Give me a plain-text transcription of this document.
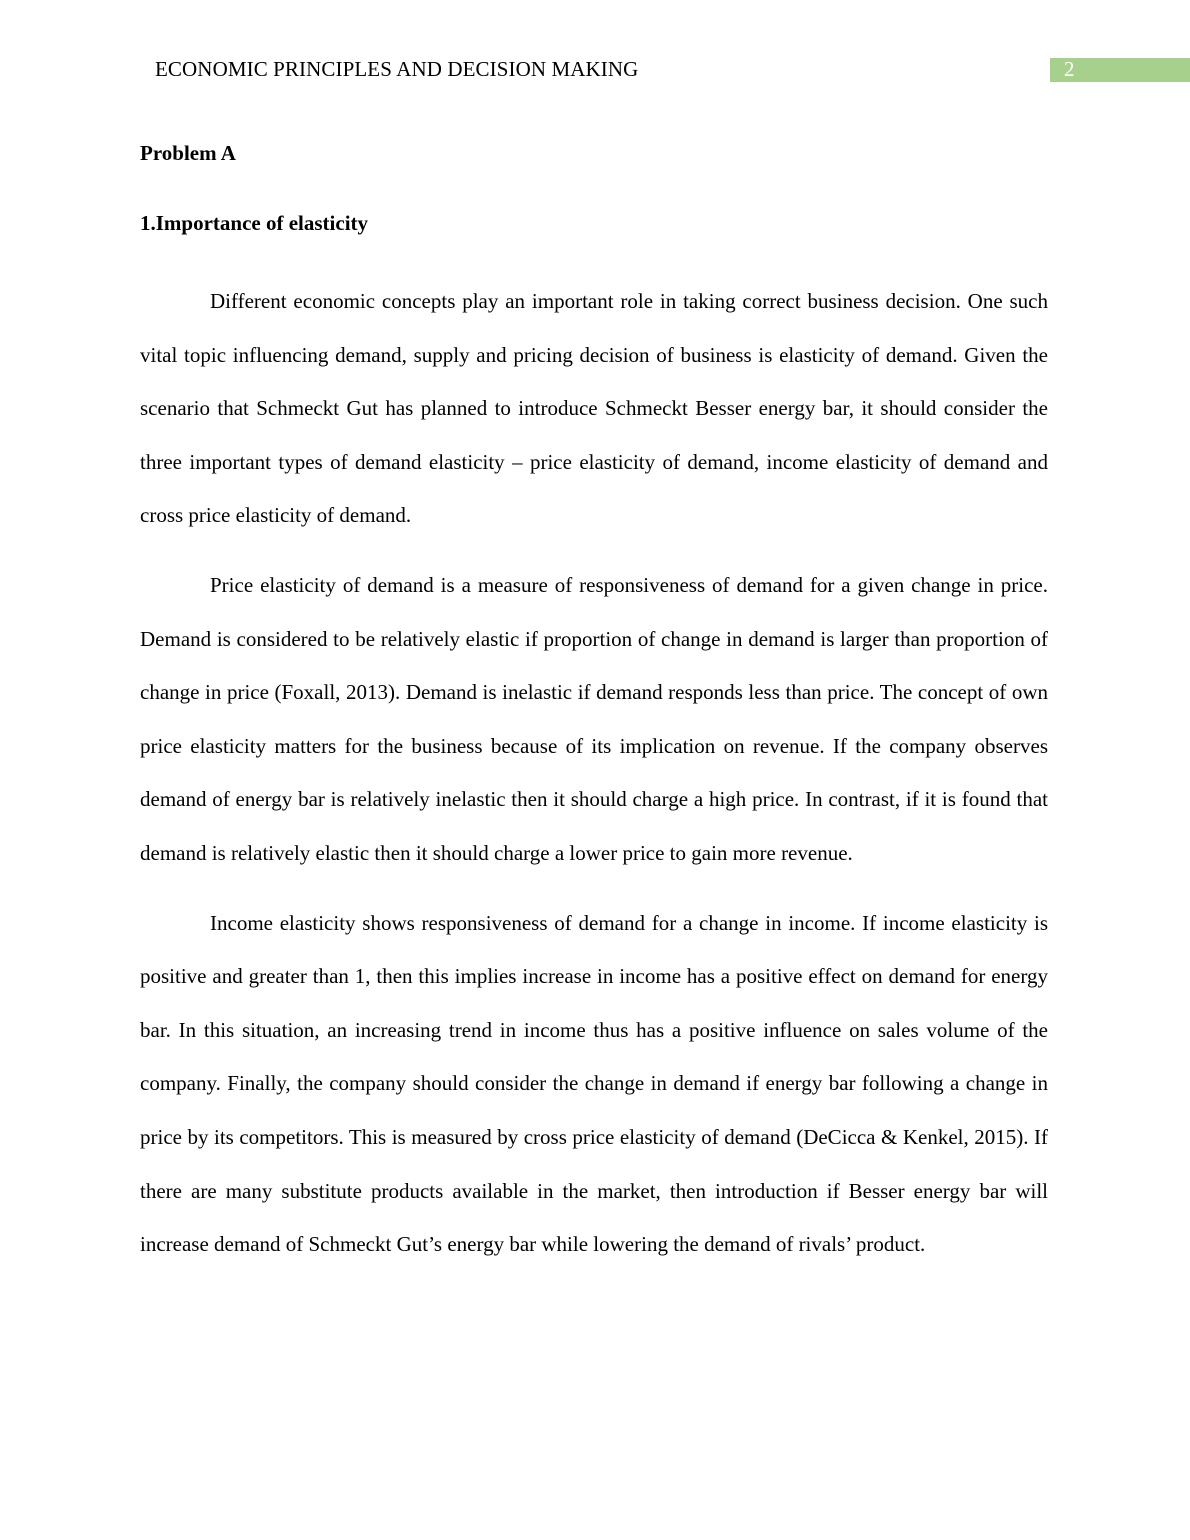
ECONOMIC PRINCIPLES AND DECISION MAKING	2
Problem A
1.Importance of elasticity

Different economic concepts play an important role in taking correct business decision. One such vital topic influencing demand, supply and pricing decision of business is elasticity of demand. Given the scenario that Schmeckt Gut has planned to introduce Schmeckt Besser energy bar, it should consider the three important types of demand elasticity – price elasticity of demand, income elasticity of demand and cross price elasticity of demand.

Price elasticity of demand is a measure of responsiveness of demand for a given change in price. Demand is considered to be relatively elastic if proportion of change in demand is larger than proportion of change in price (Foxall, 2013). Demand is inelastic if demand responds less than price. The concept of own price elasticity matters for the business because of its implication on revenue. If the company observes demand of energy bar is relatively inelastic then it should charge a high price. In contrast, if it is found that demand is relatively elastic then it should charge a lower price to gain more revenue.

Income elasticity shows responsiveness of demand for a change in income. If income elasticity is positive and greater than 1, then this implies increase in income has a positive effect on demand for energy bar. In this situation, an increasing trend in income thus has a positive influence on sales volume of the company. Finally, the company should consider the change in demand if energy bar following a change in price by its competitors. This is measured by cross price elasticity of demand (DeCicca & Kenkel, 2015). If there are many substitute products available in the market, then introduction if Besser energy bar will increase demand of Schmeckt Gut’s energy bar while lowering the demand of rivals’ product.
